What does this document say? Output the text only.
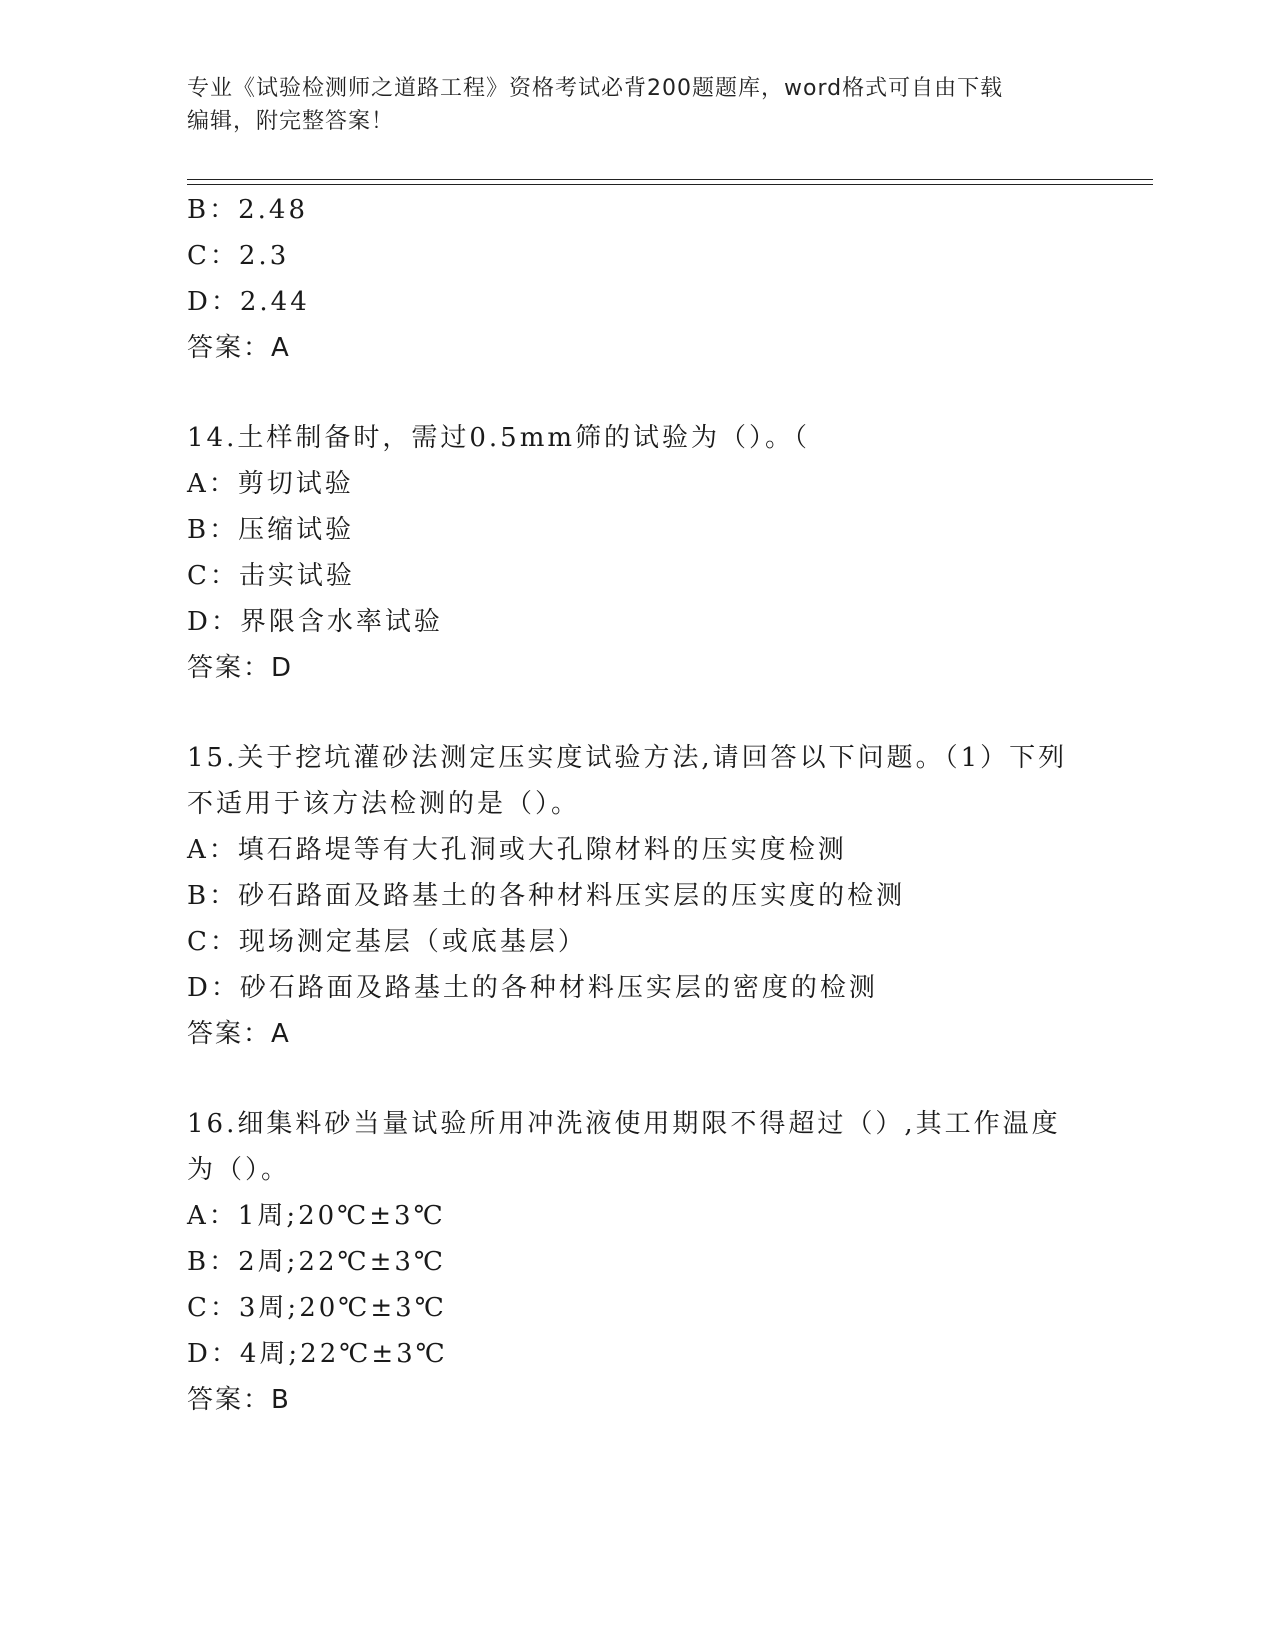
专业《试验检测师之道路工程》资格考试必背200题题库，word格式可自由下载
编辑，附完整答案！
B：2.48
C：2.3
D：2.44
答案：A
14.土样制备时，需过0.5mm筛的试验为（）。（
A：剪切试验
B：压缩试验
C：击实试验
D：界限含水率试验
答案：D
15.关于挖坑灌砂法测定压实度试验方法,请回答以下问题。（1）下列
不适用于该方法检测的是（）。
A：填石路堤等有大孔洞或大孔隙材料的压实度检测
B：砂石路面及路基土的各种材料压实层的压实度的检测
C：现场测定基层（或底基层）
D：砂石路面及路基土的各种材料压实层的密度的检测
答案：A
16.细集料砂当量试验所用冲洗液使用期限不得超过（）,其工作温度
为（）。
A：1周;20℃±3℃
B：2周;22℃±3℃
C：3周;20℃±3℃
D：4周;22℃±3℃
答案：B
